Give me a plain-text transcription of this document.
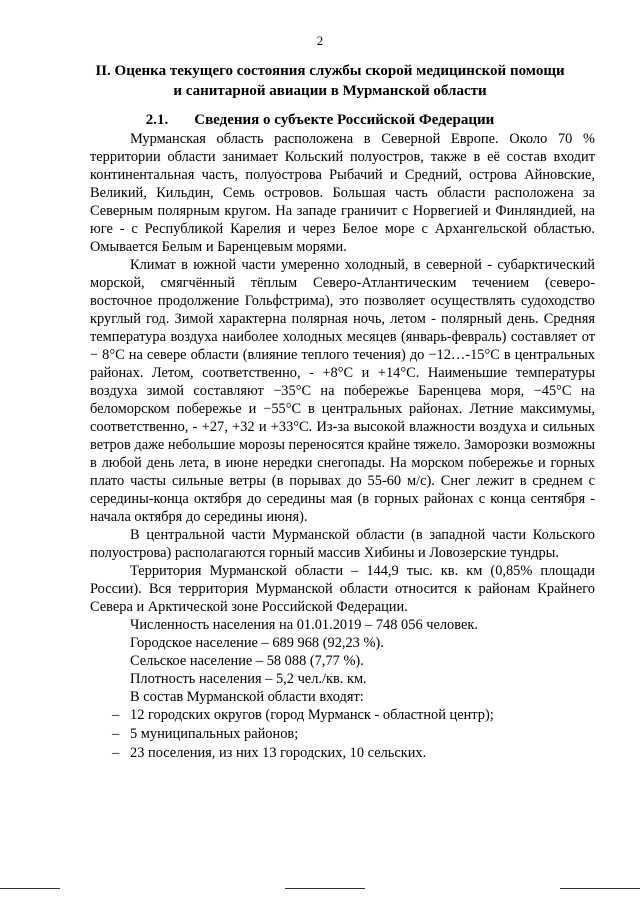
2
II. Оценка текущего состояния службы скорой медицинской помощи
и санитарной авиации в Мурманской области
2.1. Сведения о субъекте Российской Федерации

Мурманская область расположена в Северной Европе. Около 70 % территории области занимает Кольский полуостров, также в её состав входит континентальная часть, полуострова Рыбачий и Средний, острова Айновские, Великий, Кильдин, Семь островов. Большая часть области расположена за Северным полярным кругом. На западе граничит с Норвегией и Финляндией, на юге - с Республикой Карелия и через Белое море с Архангельской областью. Омывается Белым и Баренцевым морями.

Климат в южной части умеренно холодный, в северной - субарктический морской, смягчённый тёплым Северо-Атлантическим течением (северо-восточное продолжение Гольфстрима), это позволяет осуществлять судоходство круглый год. Зимой характерна полярная ночь, летом - полярный день. Средняя температура воздуха наиболее холодных месяцев (январь-февраль) составляет от − 8°С на севере области (влияние теплого течения) до −12…-15°С в центральных районах. Летом, соответственно, - +8°С и +14°С. Наименьшие температуры воздуха зимой составляют −35°С на побережье Баренцева моря, −45°С на беломорском побережье и −55°С в центральных районах. Летние максимумы, соответственно, - +27, +32 и +33°С. Из-за высокой влажности воздуха и сильных ветров даже небольшие морозы переносятся крайне тяжело. Заморозки возможны в любой день лета, в июне нередки снегопады. На морском побережье и горных плато часты сильные ветры (в порывах до 55-60 м/с). Снег лежит в среднем с середины-конца октября до середины мая (в горных районах с конца сентября - начала октября до середины июня).

В центральной части Мурманской области (в западной части Кольского полуострова) располагаются горный массив Хибины и Ловозерские тундры.

Территория Мурманской области – 144,9 тыс. кв. км (0,85% площади России). Вся территория Мурманской области относится к районам Крайнего Севера и Арктической зоне Российской Федерации.

Численность населения на 01.01.2019 – 748 056 человек.

Городское население – 689 968 (92,23 %).

Сельское население – 58 088 (7,77 %).

Плотность населения – 5,2 чел./кв. км.

В состав Мурманской области входят:

– 12 городских округов (город Мурманск - областной центр);
– 5 муниципальных районов;
– 23 поселения, из них 13 городских, 10 сельских.
